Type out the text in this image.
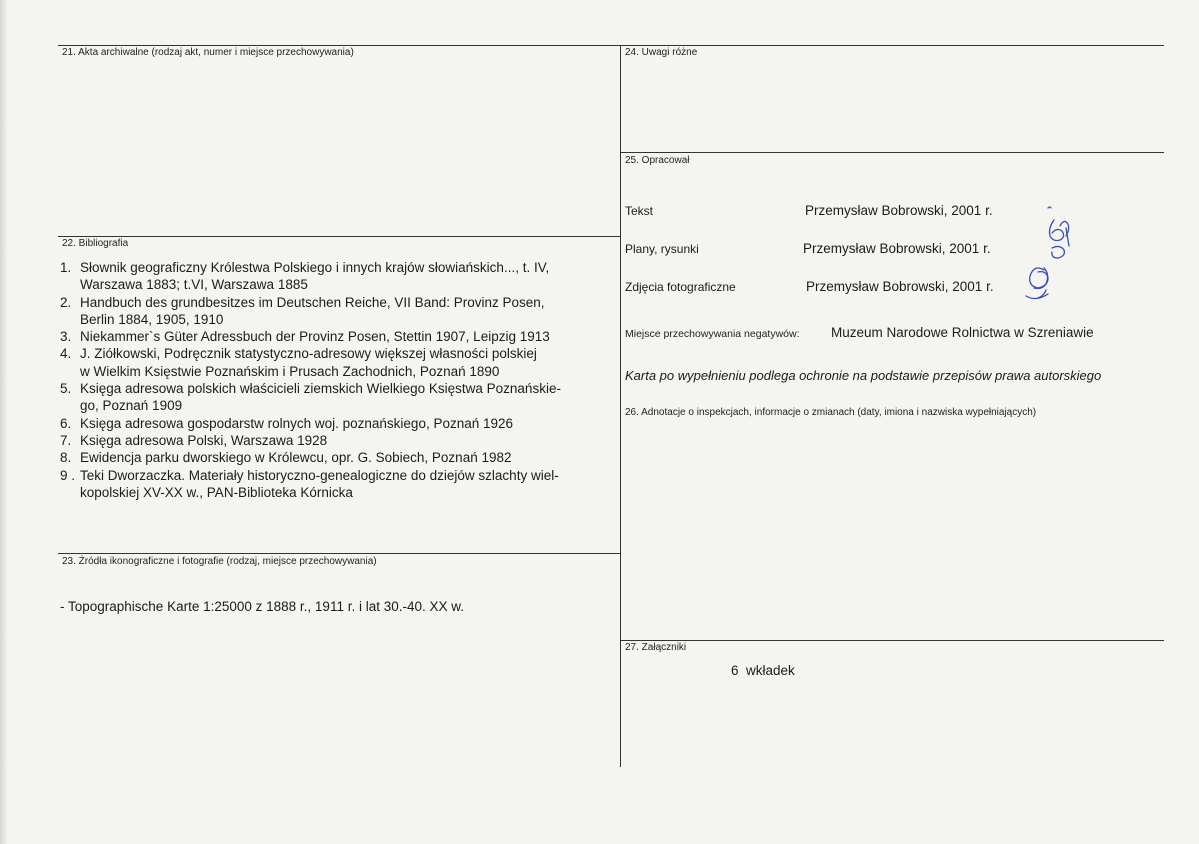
21. Akta archiwalne (rodzaj akt, numer i miejsce przechowywania)
22. Bibliografia
1. Słownik geograficzny Królestwa Polskiego i innych krajów słowiańskich..., t. IV,
Warszawa 1883; t.VI, Warszawa 1885
2. Handbuch des grundbesitzes im Deutschen Reiche, VII Band: Provinz Posen,
Berlin 1884, 1905, 1910
3. Niekammer`s Güter Adressbuch der Provinz Posen, Stettin 1907, Leipzig 1913
4. J. Ziółkowski, Podręcznik statystyczno-adresowy większej własności polskiej
w Wielkim Księstwie Poznańskim i Prusach Zachodnich, Poznań 1890
5. Księga adresowa polskich właścicieli ziemskich Wielkiego Księstwa Poznańskie-
go, Poznań 1909
6. Księga adresowa gospodarstw rolnych woj. poznańskiego, Poznań 1926
7. Księga adresowa Polski, Warszawa 1928
8. Ewidencja parku dworskiego w Królewcu, opr. G. Sobiech, Poznań 1982
9 . Teki Dworzaczka. Materiały historyczno-genealogiczne do dziejów szlachty wiel-
kopolskiej XV-XX w., PAN-Biblioteka Kórnicka
23. Źródła ikonograficzne i fotografie (rodzaj, miejsce przechowywania)
- Topographische Karte 1:25000 z 1888 r., 1911 r. i lat 30.-40. XX w.
24. Uwagi różne
25. Opracował
Tekst	Przemysław Bobrowski, 2001 r.
Plany, rysunki	Przemysław Bobrowski, 2001 r.
Zdjęcia fotograficzne	Przemysław Bobrowski, 2001 r.
Miejsce przechowywania negatywów: Muzeum Narodowe Rolnictwa w Szreniawie
Karta po wypełnieniu podlega ochronie na podstawie przepisów prawa autorskiego
26. Adnotacje o inspekcjach, informacje o zmianach (daty, imiona i nazwiska wypełniających)
27. Załączniki
6  wkładek
